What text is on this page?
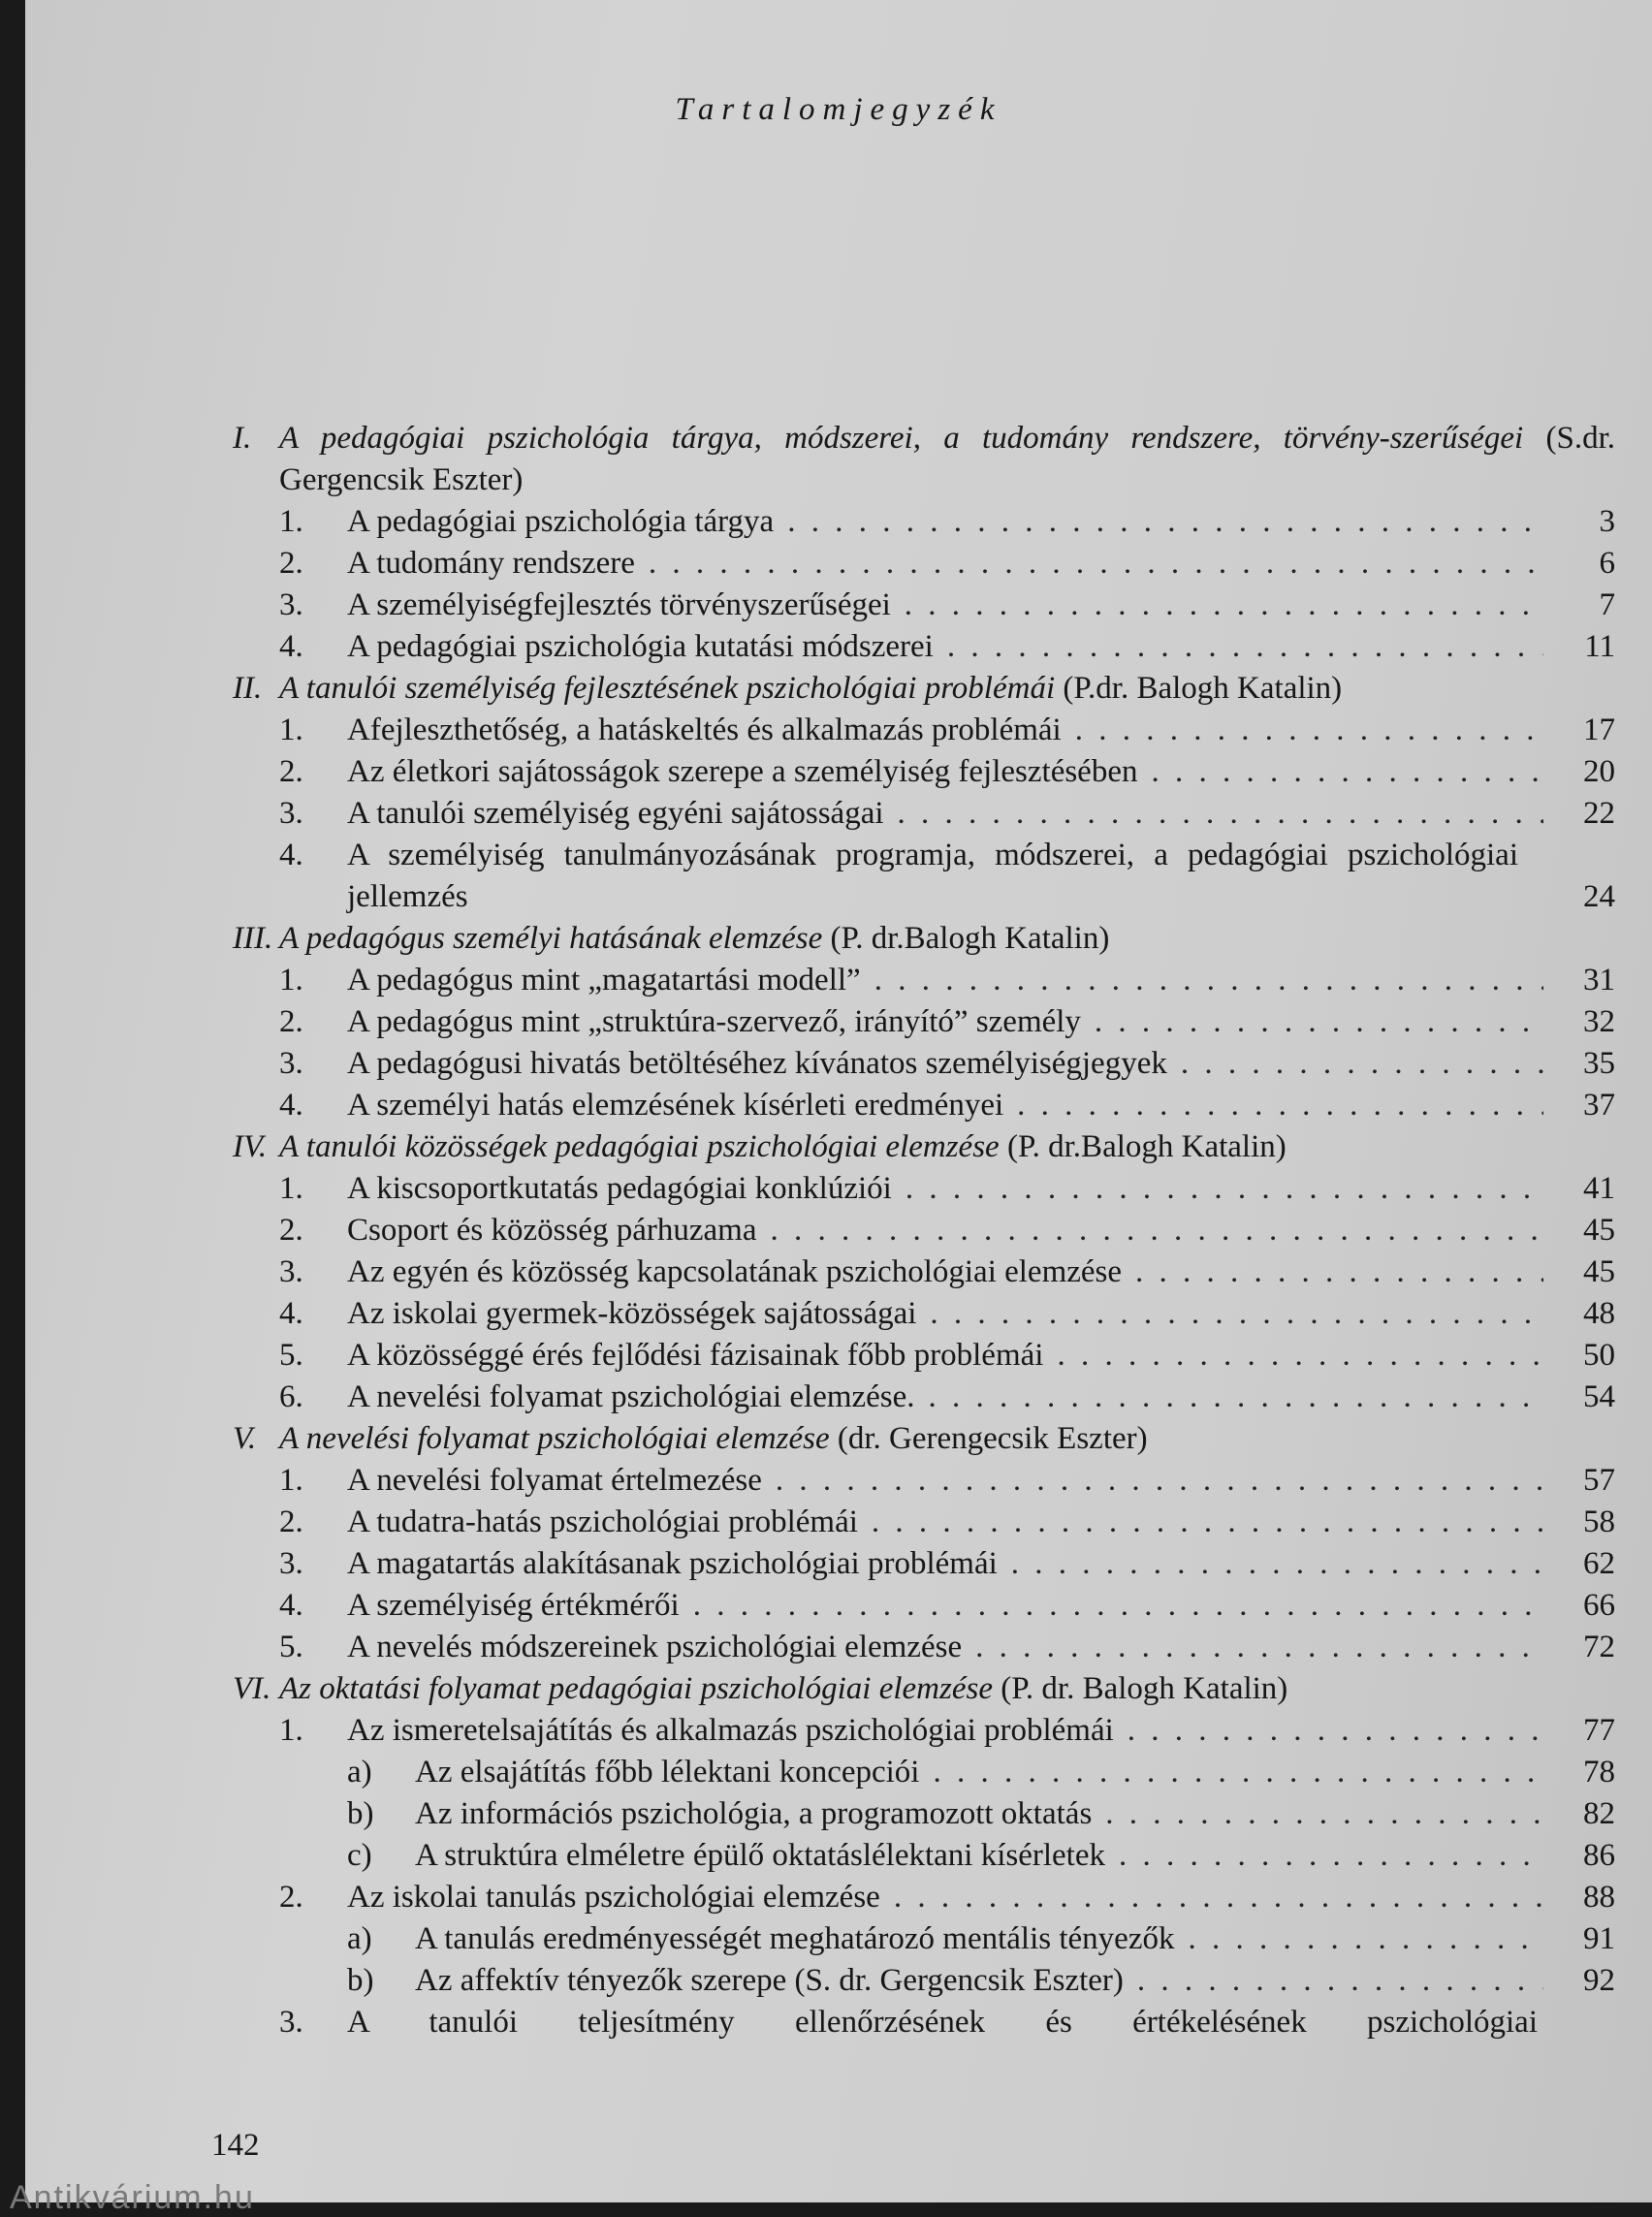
Tartalomjegyzék
I. A pedagógiai pszichológia tárgya, módszerei, a tudomány rendszere, törvény-szerűségei (S.dr. Gergencsik Eszter)
1.	A pedagógiai pszichológia tárgya . . .	3
2.	A tudomány rendszere . . .	6
3.	A személyiségfejlesztés törvényszerűségei . . .	7
4.	A pedagógiai pszichológia kutatási módszerei . . .	11
II. A tanulói személyiség fejlesztésének pszichológiai problémái (P.dr. Balogh Katalin)
1.	Afejleszthetőség, a hatáskeltés és alkalmazás problémái . . .	17
2.	Az életkori sajátosságok szerepe a személyiség fejlesztésében . . .	20
3.	A tanulói személyiség egyéni sajátosságai . . .	22
4.	A személyiség tanulmányozásának programja, módszerei, a pedagógiai pszichológiai jellemzés	24
III. A pedagógus személyi hatásának elemzése (P. dr.Balogh Katalin)
1.	A pedagógus mint „magatartási modell” . . .	31
2.	A pedagógus mint „struktúra-szervező, irányító” személy . . .	32
3.	A pedagógusi hivatás betöltéséhez kívánatos személyiségjegyek . . .	35
4.	A személyi hatás elemzésének kísérleti eredményei . . .	37
IV. A tanulói közösségek pedagógiai pszichológiai elemzése (P. dr.Balogh Katalin)
1.	A kiscsoportkutatás pedagógiai konklúziói . . .	41
2.	Csoport és közösség párhuzama . . .	45
3.	Az egyén és közösség kapcsolatának pszichológiai elemzése . . .	45
4.	Az iskolai gyermek-közösségek sajátosságai . . .	48
5.	A közösséggé érés fejlődési fázisainak főbb problémái . . .	50
6.	A nevelési folyamat pszichológiai elemzése. . . .	54
V. A nevelési folyamat pszichológiai elemzése (dr. Gerengecsik Eszter)
1.	A nevelési folyamat értelmezése . . .	57
2.	A tudatra-hatás pszichológiai problémái . . .	58
3.	A magatartás alakításanak pszichológiai problémái . . .	62
4.	A személyiség értékmérői . . .	66
5.	A nevelés módszereinek pszichológiai elemzése . . .	72
VI. Az oktatási folyamat pedagógiai pszichológiai elemzése (P. dr. Balogh Katalin)
1.	Az ismeretelsajátítás és alkalmazás pszichológiai problémái . . .	77
a)	Az elsajátítás főbb lélektani koncepciói . . .	78
b)	Az információs pszichológia, a programozott oktatás . . .	82
c)	A struktúra elméletre épülő oktatáslélektani kísérletek . . .	86
2.	Az iskolai tanulás pszichológiai elemzése . . .	88
a)	A tanulás eredményességét meghatározó mentális tényezők . . .	91
b)	Az affektív tényezők szerepe (S. dr. Gergencsik Eszter) . . .	92
3.	A tanulói teljesítmény ellenőrzésének és értékelésének pszichológiai
142
Antikvárium.hu
